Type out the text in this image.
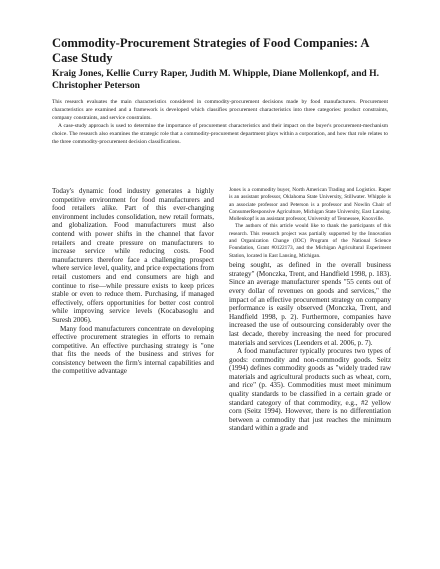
Commodity-Procurement Strategies of Food Companies: A Case Study
Kraig Jones, Kellie Curry Raper, Judith M. Whipple, Diane Mollenkopf, and H. Christopher Peterson

This research evaluates the main characteristics considered in commodity-procurement decisions made by food manufacturers. Procurement characteristics are examined and a framework is developed which classifies procurement characteristics into three categories: product constraints, company constraints, and service constraints.

A case-study approach is used to determine the importance of procurement characteristics and their impact on the buyer's procurement-mechanism choice. The research also examines the strategic role that a commodity-procurement department plays within a corporation, and how that role relates to the three commodity-procurement decision classifications.

Today's dynamic food industry generates a highly competitive environment for food manufacturers and food retailers alike. Part of this ever-changing environment includes consolidation, new retail formats, and globalization. Food manufacturers must also contend with power shifts in the channel that favor retailers and create pressure on manufacturers to increase service while reducing costs. Food manufacturers therefore face a challenging prospect where service level, quality, and price expectations from retail customers and end consumers are high and continue to rise—while pressure exists to keep prices stable or even to reduce them. Purchasing, if managed effectively, offers opportunities for better cost control while improving service levels (Kocabasoglu and Suresh 2006).

Many food manufacturers concentrate on developing effective procurement strategies in efforts to remain competitive. An effective purchasing strategy is "one that fits the needs of the business and strives for consistency between the firm's internal capabilities and the competitive advantage

Jones is a commodity buyer, North American Trading and Logistics. Raper is an assistant professor, Oklahoma State University, Stillwater. Whipple is an associate professor and Peterson is a professor and Nowlin Chair of ConsumerResponsive Agriculture, Michigan State University, East Lansing. Mollenkopf is an assistant professor, University of Tennessee, Knoxville.

The authors of this article would like to thank the participants of this research. This research project was partially supported by the Innovation and Organization Change (IOC) Program of the National Science Foundation, Grant #0122173, and the Michigan Agricultural Experiment Station, located in East Lansing, Michigan.

being sought, as defined in the overall business strategy" (Monczka, Trent, and Handfield 1998, p. 183). Since an average manufacturer spends "55 cents out of every dollar of revenues on goods and services," the impact of an effective procurement strategy on company performance is easily observed (Monczka, Trent, and Handfield 1998, p. 2). Furthermore, companies have increased the use of outsourcing considerably over the last decade, thereby increasing the need for procured materials and services (Leenders et al. 2006, p. 7).

A food manufacturer typically procures two types of goods: commodity and non-commodity goods. Seitz (1994) defines commodity goods as "widely traded raw materials and agricultural products such as wheat, corn, and rice" (p. 435). Commodities must meet minimum quality standards to be classified in a certain grade or standard category of that commodity, e.g., #2 yellow corn (Seitz 1994). However, there is no differentiation between a commodity that just reaches the minimum standard within a grade and
